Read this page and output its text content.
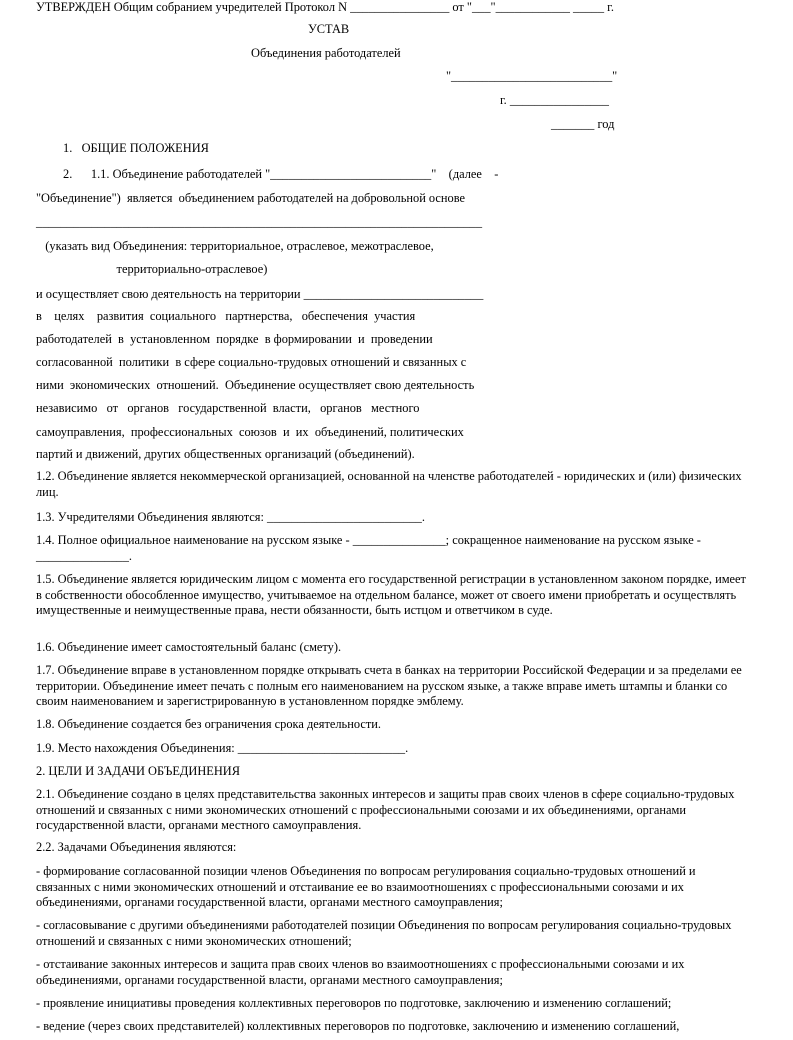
УТВЕРЖДЕН Общим собранием учредителей Протокол N ________________ от "___"____________ _____ г.
УСТАВ
Объединения работодателей
"__________________________"
г. ________________
_______ год
1.   ОБЩИЕ ПОЛОЖЕНИЯ
2.      1.1. Объединение работодателей "__________________________"    (далее    -
"Объединение")  является  объединением работодателей на добровольной основе
________________________________________________________________________
(указать вид Объединения: территориальное, отраслевое, межотраслевое,
территориально-отраслевое)
и осуществляет свою деятельность на территории _____________________________
в    целях    развития  социального   партнерства,   обеспечения  участия
работодателей  в  установленном  порядке  в формировании  и  проведении
согласованной  политики  в сфере социально-трудовых отношений и связанных с
ними  экономических  отношений.  Объединение осуществляет свою деятельность
независимо   от   органов   государственной  власти,   органов   местного
самоуправления,  профессиональных  союзов  и  их  объединений, политических
партий и движений, других общественных организаций (объединений).
1.2. Объединение является некоммерческой организацией, основанной на членстве работодателей - юридических и (или) физических лиц.
1.3. Учредителями Объединения являются: _________________________.
1.4. Полное официальное наименование на русском языке - _______________; сокращенное наименование на русском языке - _______________.
1.5. Объединение является юридическим лицом с момента его государственной регистрации в установленном законом порядке, имеет в собственности обособленное имущество, учитываемое на отдельном балансе, может от своего имени приобретать и осуществлять имущественные и неимущественные права, нести обязанности, быть истцом и ответчиком в суде.
1.6. Объединение имеет самостоятельный баланс (смету).
1.7. Объединение вправе в установленном порядке открывать счета в банках на территории Российской Федерации и за пределами ее территории. Объединение имеет печать с полным его наименованием на русском языке, а также вправе иметь штампы и бланки со своим наименованием и зарегистрированную в установленном порядке эмблему.
1.8. Объединение создается без ограничения срока деятельности.
1.9. Место нахождения Объединения: ___________________________.
2. ЦЕЛИ И ЗАДАЧИ ОБЪЕДИНЕНИЯ
2.1. Объединение создано в целях представительства законных интересов и защиты прав своих членов в сфере социально-трудовых отношений и связанных с ними экономических отношений с профессиональными союзами и их объединениями, органами государственной власти, органами местного самоуправления.
2.2. Задачами Объединения являются:
- формирование согласованной позиции членов Объединения по вопросам регулирования социально-трудовых отношений и связанных с ними экономических отношений и отстаивание ее во взаимоотношениях с профессиональными союзами и их объединениями, органами государственной власти, органами местного самоуправления;
- согласовывание с другими объединениями работодателей позиции Объединения по вопросам регулирования социально-трудовых отношений и связанных с ними экономических отношений;
- отстаивание законных интересов и защита прав своих членов во взаимоотношениях с профессиональными союзами и их объединениями, органами государственной власти, органами местного самоуправления;
- проявление инициативы проведения коллективных переговоров по подготовке, заключению и изменению соглашений;
- ведение (через своих представителей) коллективных переговоров по подготовке, заключению и изменению соглашений,
